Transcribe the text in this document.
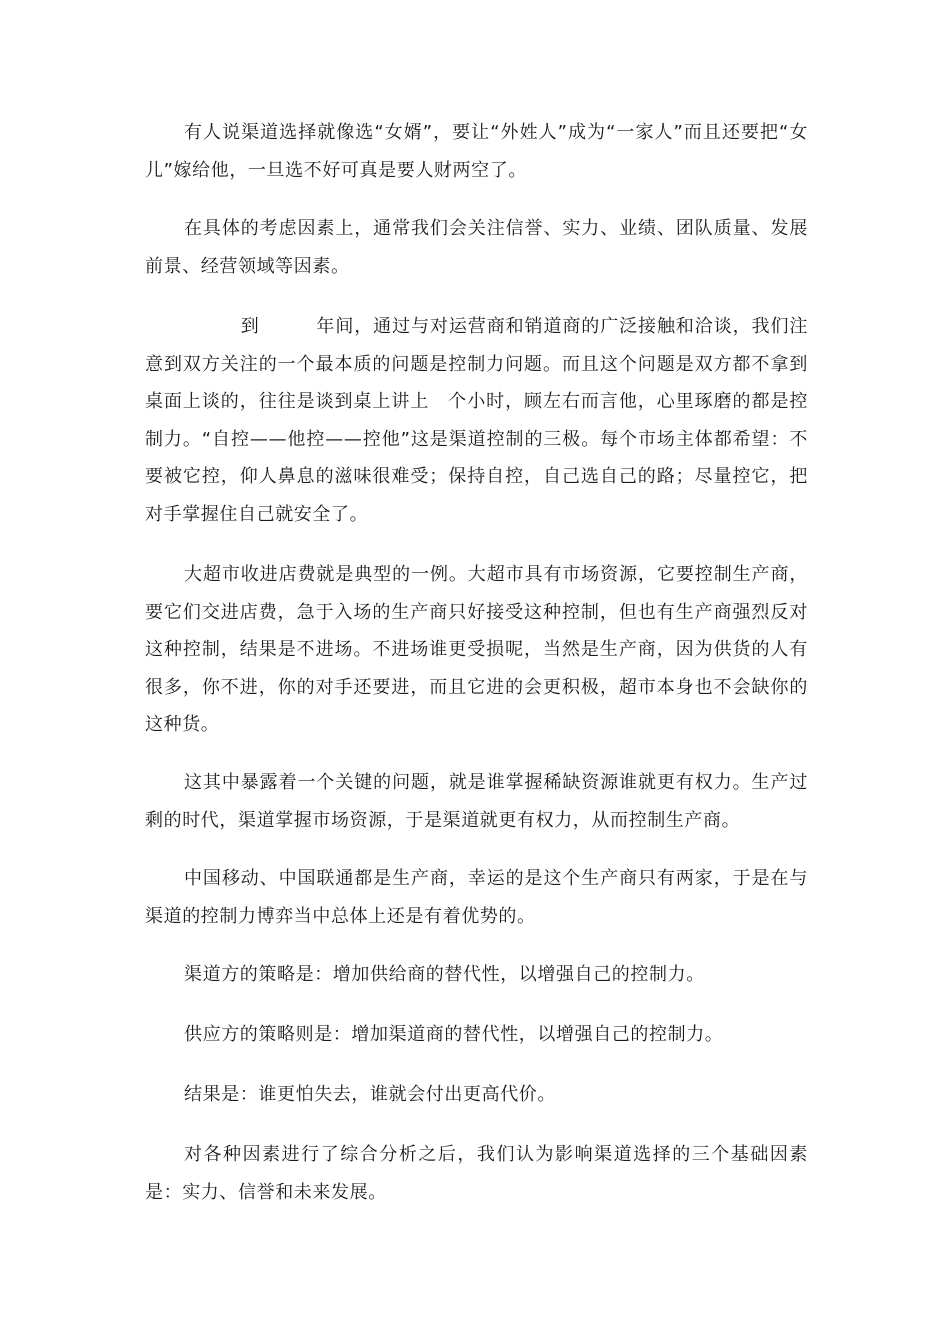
有人说渠道选择就像选“女婿”，要让“外姓人”成为“一家人”而且还要把“女儿”嫁给他，一旦选不好可真是要人财两空了。

在具体的考虑因素上，通常我们会关注信誉、实力、业绩、团队质量、发展前景、经营领域等因素。

　　　到　　　年间，通过与对运营商和销道商的广泛接触和洽谈，我们注意到双方关注的一个最本质的问题是控制力问题。而且这个问题是双方都不拿到桌面上谈的，往往是谈到桌上讲上　个小时，顾左右而言他，心里琢磨的都是控制力。“自控——他控——控他”这是渠道控制的三极。每个市场主体都希望：不要被它控，仰人鼻息的滋味很难受；保持自控，自己选自己的路；尽量控它，把对手掌握住自己就安全了。

大超市收进店费就是典型的一例。大超市具有市场资源，它要控制生产商，要它们交进店费，急于入场的生产商只好接受这种控制，但也有生产商强烈反对这种控制，结果是不进场。不进场谁更受损呢，当然是生产商，因为供货的人有很多，你不进，你的对手还要进，而且它进的会更积极，超市本身也不会缺你的这种货。

这其中暴露着一个关键的问题，就是谁掌握稀缺资源谁就更有权力。生产过剩的时代，渠道掌握市场资源，于是渠道就更有权力，从而控制生产商。

中国移动、中国联通都是生产商，幸运的是这个生产商只有两家，于是在与渠道的控制力博弈当中总体上还是有着优势的。

渠道方的策略是：增加供给商的替代性，以增强自己的控制力。

供应方的策略则是：增加渠道商的替代性，以增强自己的控制力。

结果是：谁更怕失去，谁就会付出更高代价。

对各种因素进行了综合分析之后，我们认为影响渠道选择的三个基础因素是：实力、信誉和未来发展。
